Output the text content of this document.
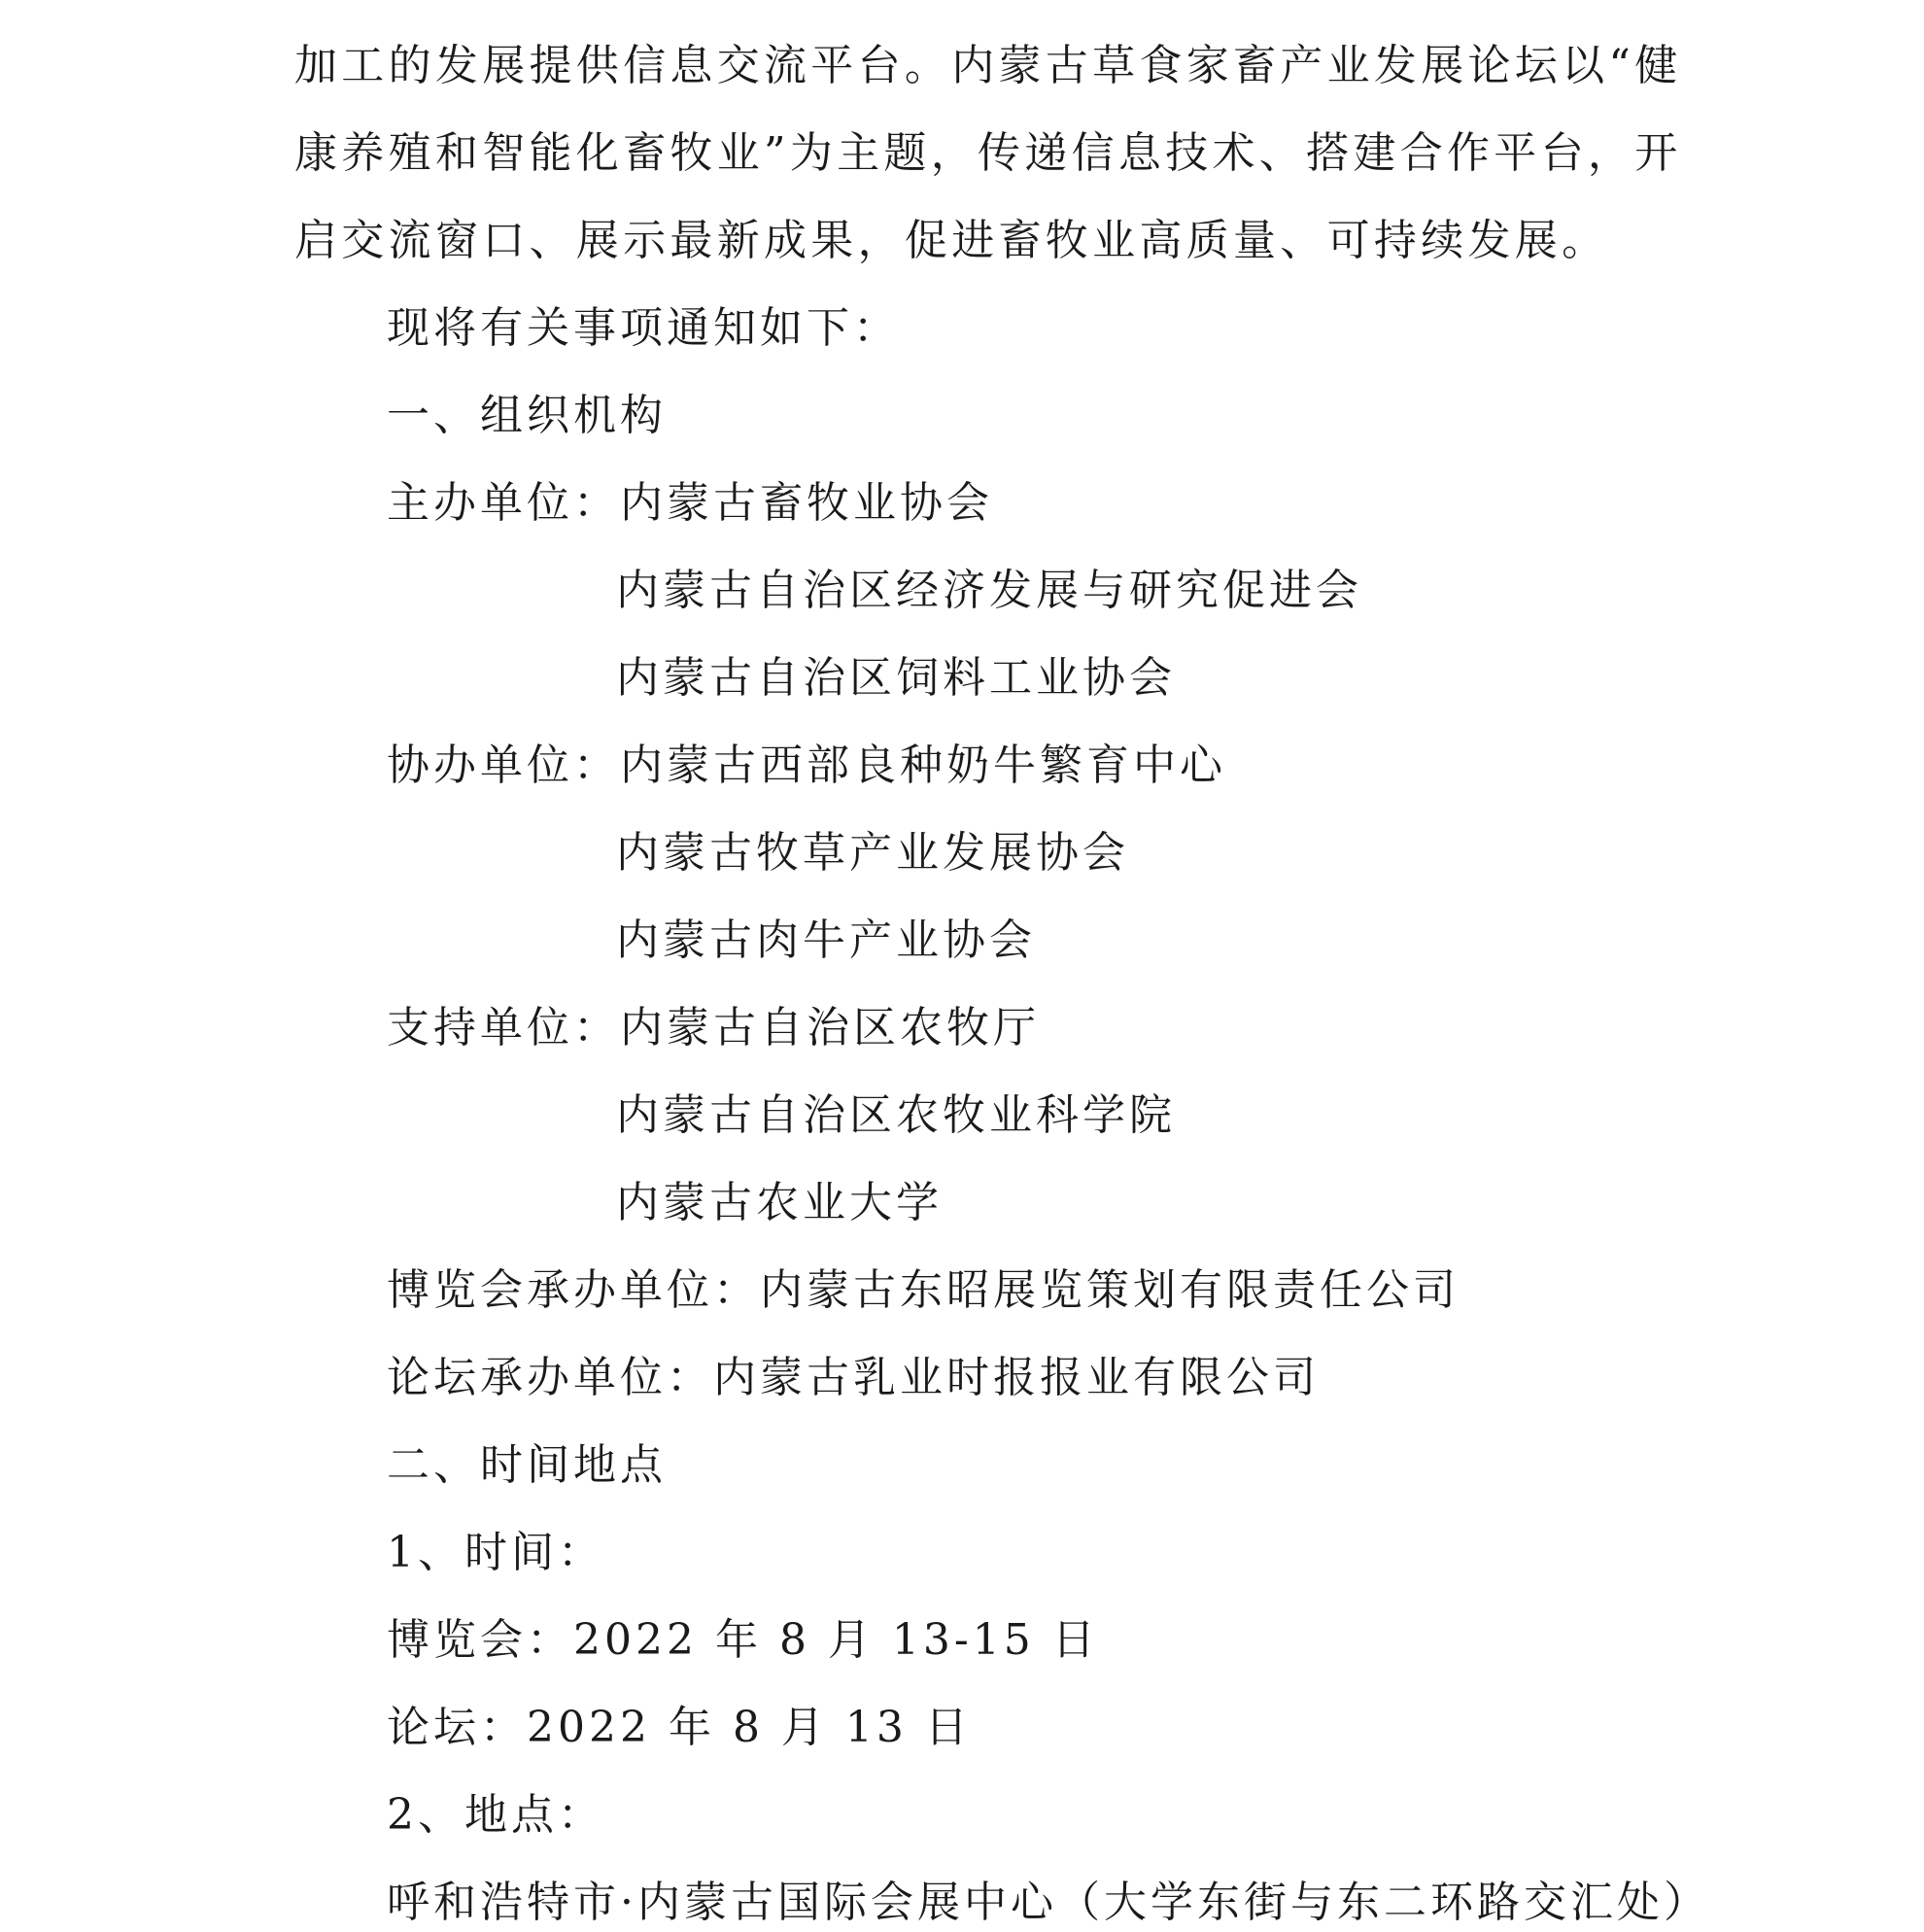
加工的发展提供信息交流平台。内蒙古草食家畜产业发展论坛以“健
康养殖和智能化畜牧业”为主题，传递信息技术、搭建合作平台，开
启交流窗口、展示最新成果，促进畜牧业高质量、可持续发展。
现将有关事项通知如下：
一、组织机构
主办单位：内蒙古畜牧业协会
内蒙古自治区经济发展与研究促进会
内蒙古自治区饲料工业协会
协办单位：内蒙古西部良种奶牛繁育中心
内蒙古牧草产业发展协会
内蒙古肉牛产业协会
支持单位：内蒙古自治区农牧厅
内蒙古自治区农牧业科学院
内蒙古农业大学
博览会承办单位：内蒙古东昭展览策划有限责任公司
论坛承办单位：内蒙古乳业时报报业有限公司
二、时间地点
1、时间：
博览会：2022 年 8 月 13-15 日
论坛：2022 年 8 月 13 日
2、地点：
呼和浩特市·内蒙古国际会展中心（大学东街与东二环路交汇处）
